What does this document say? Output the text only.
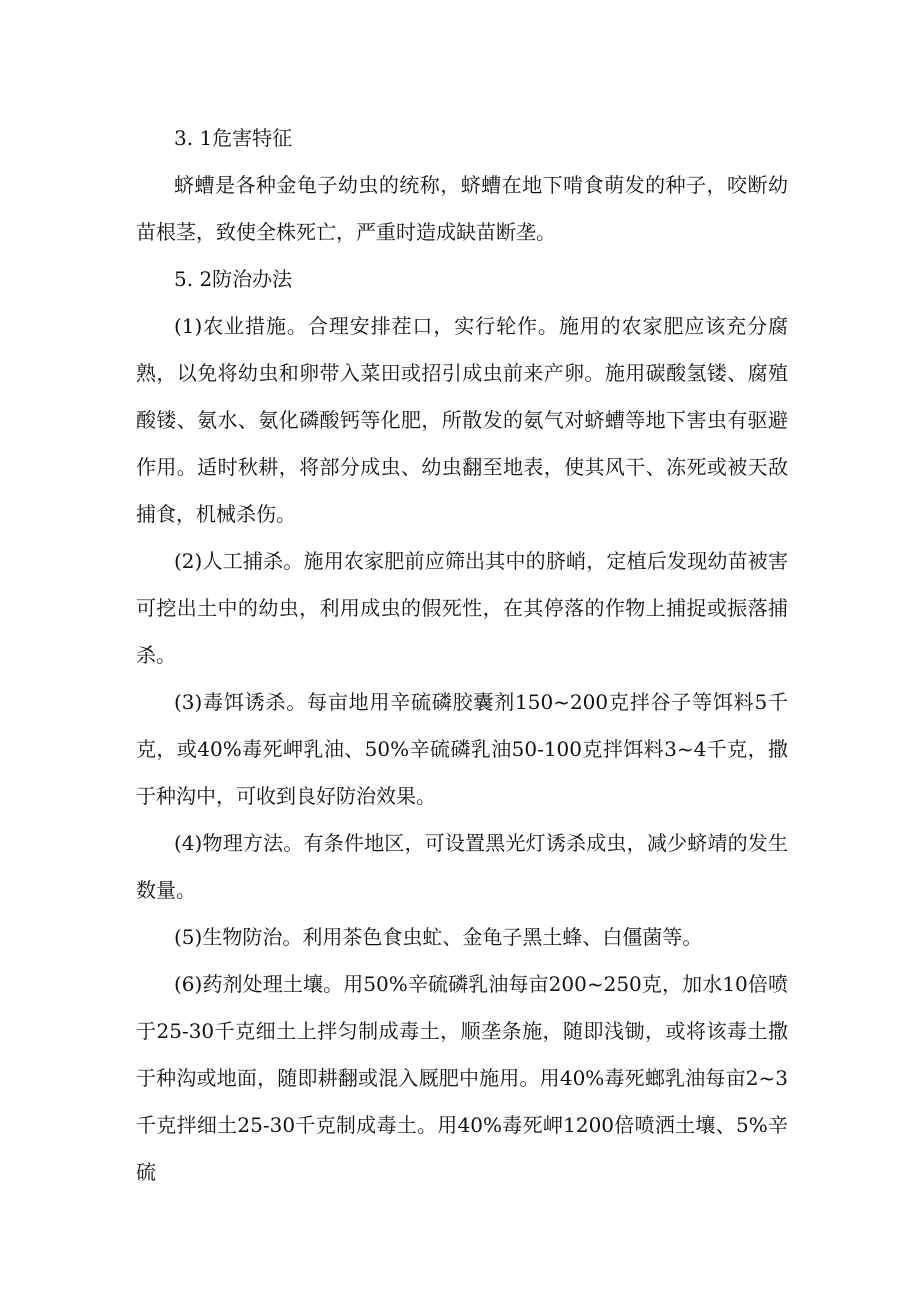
3. 1危害特征

蛴螬是各种金龟子幼虫的统称，蛴螬在地下啃食萌发的种子，咬断幼苗根茎，致使全株死亡，严重时造成缺苗断垄。

5. 2防治办法

(1)农业措施。合理安排茬口，实行轮作。施用的农家肥应该充分腐熟，以免将幼虫和卵带入菜田或招引成虫前来产卵。施用碳酸氢镂、腐殖酸镂、氨水、氨化磷酸钙等化肥，所散发的氨气对蛴螬等地下害虫有驱避作用。适时秋耕，将部分成虫、幼虫翻至地表，使其风干、冻死或被天敌捕食，机械杀伤。

(2)人工捕杀。施用农家肥前应筛出其中的脐峭，定植后发现幼苗被害可挖出土中的幼虫，利用成虫的假死性，在其停落的作物上捕捉或振落捕杀。

(3)毒饵诱杀。每亩地用辛硫磷胶囊剂150~200克拌谷子等饵料5千克，或40%毒死岬乳油、50%辛硫磷乳油50-100克拌饵料3~4千克，撒于种沟中，可收到良好防治效果。

(4)物理方法。有条件地区，可设置黑光灯诱杀成虫，减少蛴靖的发生数量。

(5)生物防治。利用茶色食虫虻、金龟子黑土蜂、白僵菌等。

(6)药剂处理土壤。用50%辛硫磷乳油每亩200~250克，加水10倍喷于25-30千克细土上拌匀制成毒土，顺垄条施，随即浅锄，或将该毒土撒于种沟或地面，随即耕翻或混入厩肥中施用。用40%毒死螂乳油每亩2~3千克拌细土25-30千克制成毒土。用40%毒死岬1200倍喷洒土壤、5%辛硫
